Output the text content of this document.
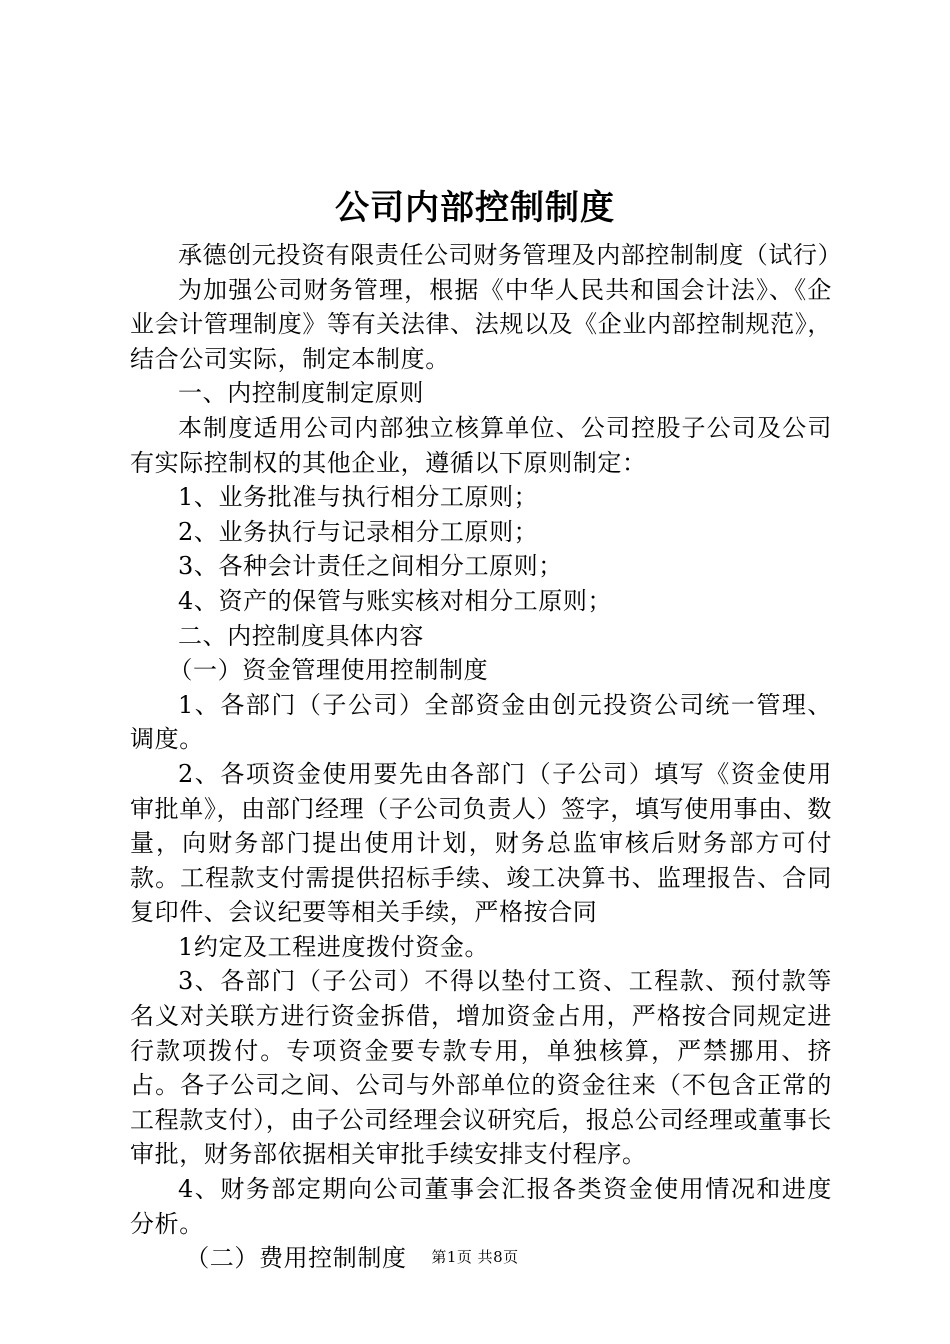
公司内部控制制度

承德创元投资有限责任公司财务管理及内部控制制度（试行）

为加强公司财务管理，根据《中华人民共和国会计法》、《企业会计管理制度》等有关法律、法规以及《企业内部控制规范》，结合公司实际，制定本制度。

一、内控制度制定原则

本制度适用公司内部独立核算单位、公司控股子公司及公司有实际控制权的其他企业，遵循以下原则制定：

1、业务批准与执行相分工原则；

2、业务执行与记录相分工原则；

3、各种会计责任之间相分工原则；

4、资产的保管与账实核对相分工原则；

二、内控制度具体内容

（一）资金管理使用控制制度

1、各部门（子公司）全部资金由创元投资公司统一管理、调度。

2、各项资金使用要先由各部门（子公司）填写《资金使用审批单》，由部门经理（子公司负责人）签字，填写使用事由、数量，向财务部门提出使用计划，财务总监审核后财务部方可付款。工程款支付需提供招标手续、竣工决算书、监理报告、合同复印件、会议纪要等相关手续，严格按合同

1约定及工程进度拨付资金。

3、各部门（子公司）不得以垫付工资、工程款、预付款等名义对关联方进行资金拆借，增加资金占用，严格按合同规定进行款项拨付。专项资金要专款专用，单独核算，严禁挪用、挤占。各子公司之间、公司与外部单位的资金往来（不包含正常的工程款支付），由子公司经理会议研究后，报总公司经理或董事长审批，财务部依据相关审批手续安排支付程序。

4、财务部定期向公司董事会汇报各类资金使用情况和进度分析。

（二）费用控制制度	第1页 共8页
